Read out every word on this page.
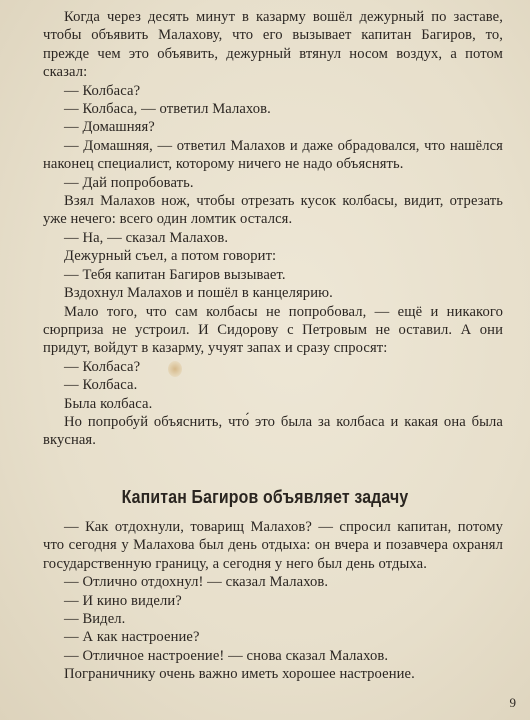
Когда через десять минут в казарму вошёл дежурный по заставе, чтобы объявить Малахову, что его вызывает капитан Багиров, то, прежде чем это объявить, дежурный втянул носом воздух, а потом сказал:

— Колбаса?

— Колбаса, — ответил Малахов.

— Домашняя?

— Домашняя, — ответил Малахов и даже обрадовался, что нашёлся наконец специалист, которому ничего не надо объяснять.

— Дай попробовать.

Взял Малахов нож, чтобы отрезать кусок колбасы, видит, отрезать уже нечего: всего один ломтик остался.

— На, — сказал Малахов.

Дежурный съел, а потом говорит:

— Тебя капитан Багиров вызывает.

Вздохнул Малахов и пошёл в канцелярию.

Мало того, что сам колбасы не попробовал, — ещё и никакого сюрприза не устроил. И Сидорову с Петровым не оставил. А они придут, войдут в казарму, учуят запах и сразу спросят:

— Колбаса?

— Колбаса.

Была колбаса.

Но попробуй объяснить, что́ это была за колбаса и какая она была вкусная.

Капитан Багиров объявляет задачу

— Как отдохнули, товарищ Малахов? — спросил капитан, потому что сегодня у Малахова был день отдыха: он вчера и позавчера охранял государственную границу, а сегодня у него был день отдыха.

— Отлично отдохнул! — сказал Малахов.

— И кино видели?

— Видел.

— А как настроение?

— Отличное настроение! — снова сказал Малахов.

Пограничнику очень важно иметь хорошее настроение.

9
